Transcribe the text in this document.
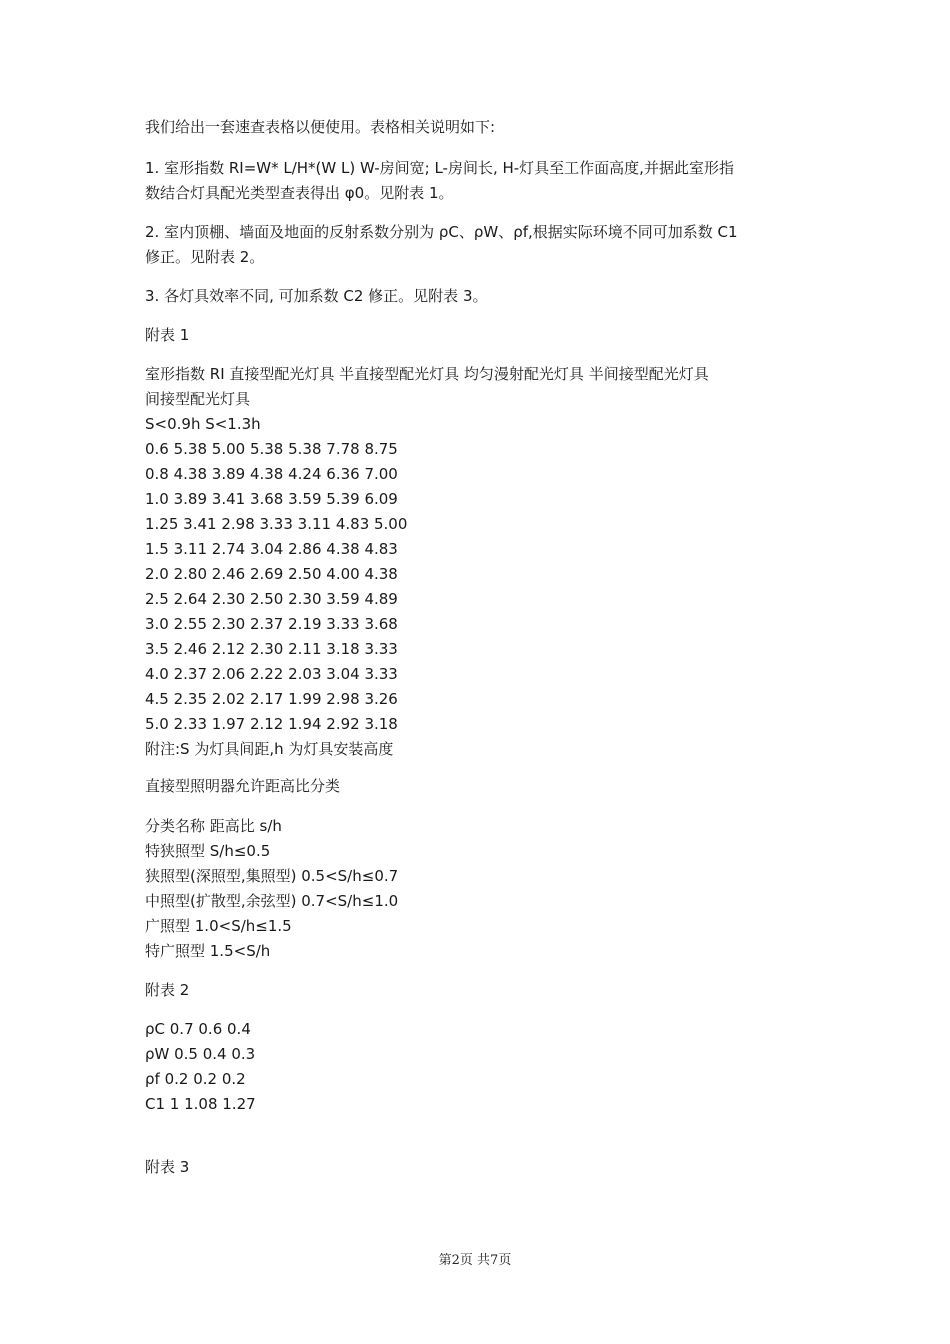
我们给出一套速查表格以便使用。表格相关说明如下:
1. 室形指数 RI=W* L/H*(W L) W-房间宽; L-房间长, H-灯具至工作面高度,并据此室形指
数结合灯具配光类型查表得出 φ0。见附表 1。
2. 室内顶棚、墙面及地面的反射系数分别为 ρC、ρW、ρf,根据实际环境不同可加系数 C1
修正。见附表 2。
3. 各灯具效率不同, 可加系数 C2 修正。见附表 3。
附表 1
室形指数 RI 直接型配光灯具 半直接型配光灯具 均匀漫射配光灯具 半间接型配光灯具
间接型配光灯具
S<0.9h S<1.3h
0.6 5.38 5.00 5.38 5.38 7.78 8.75
0.8 4.38 3.89 4.38 4.24 6.36 7.00
1.0 3.89 3.41 3.68 3.59 5.39 6.09
1.25 3.41 2.98 3.33 3.11 4.83 5.00
1.5 3.11 2.74 3.04 2.86 4.38 4.83
2.0 2.80 2.46 2.69 2.50 4.00 4.38
2.5 2.64 2.30 2.50 2.30 3.59 4.89
3.0 2.55 2.30 2.37 2.19 3.33 3.68
3.5 2.46 2.12 2.30 2.11 3.18 3.33
4.0 2.37 2.06 2.22 2.03 3.04 3.33
4.5 2.35 2.02 2.17 1.99 2.98 3.26
5.0 2.33 1.97 2.12 1.94 2.92 3.18
附注:S 为灯具间距,h 为灯具安装高度
直接型照明器允许距高比分类
分类名称 距高比 s/h
特狭照型 S/h≤0.5
狭照型(深照型,集照型) 0.5<S/h≤0.7
中照型(扩散型,余弦型) 0.7<S/h≤1.0
广照型 1.0<S/h≤1.5
特广照型 1.5<S/h
附表 2
ρC 0.7 0.6 0.4
ρW 0.5 0.4 0.3
ρf 0.2 0.2 0.2
C1 1 1.08 1.27
附表 3
第2页 共7页
